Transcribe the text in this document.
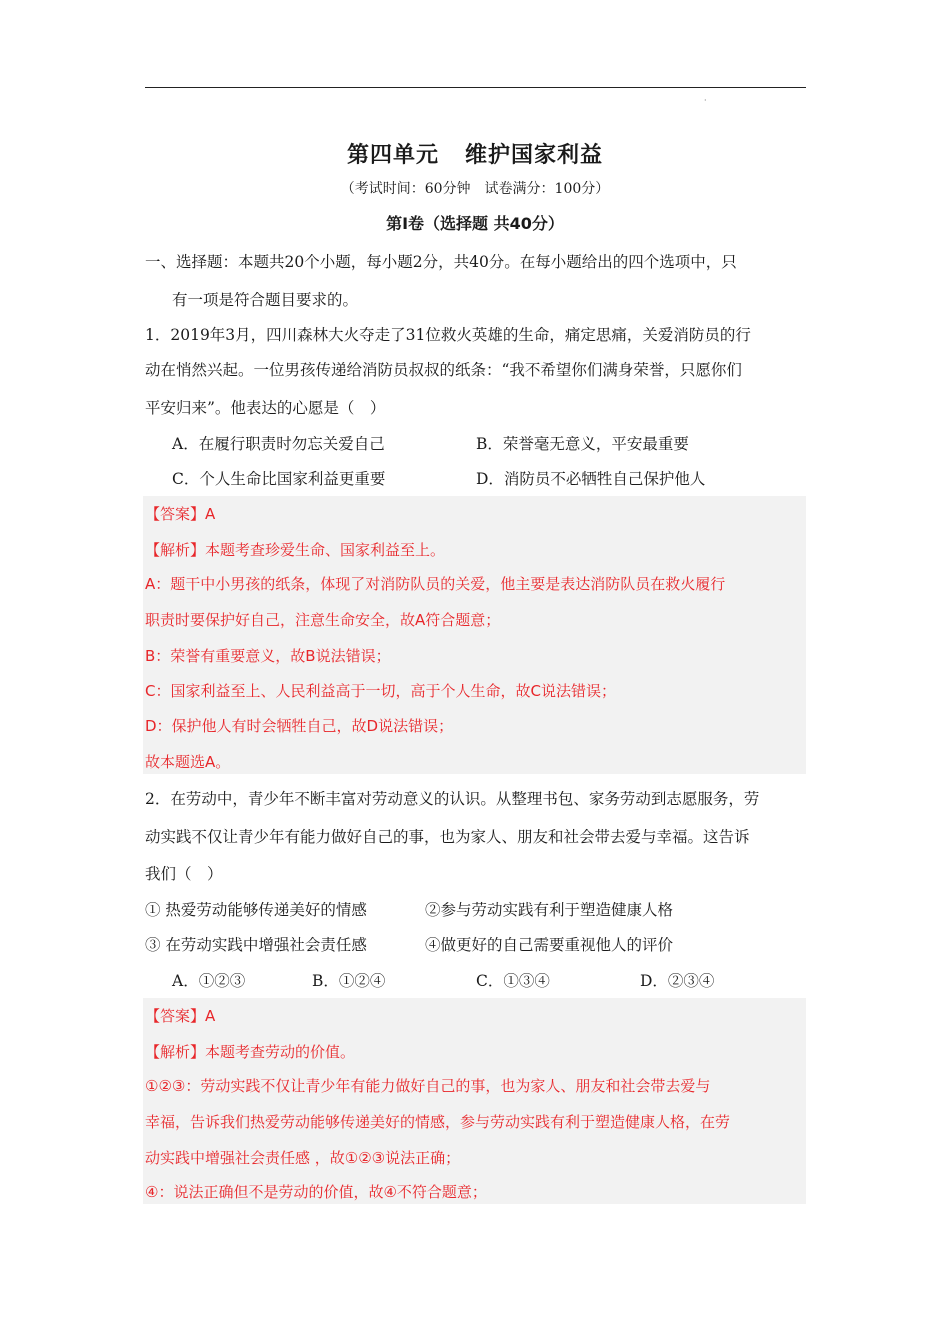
·
第四单元 维护国家利益
（考试时间：60分钟　试卷满分：100分）
第Ⅰ卷（选择题 共40分）
一、选择题：本题共20个小题，每小题2分，共40分。在每小题给出的四个选项中，只
有一项是符合题目要求的。
1．2019年3月，四川森林大火夺走了31位救火英雄的生命，痛定思痛，关爱消防员的行
动在悄然兴起。一位男孩传递给消防员叔叔的纸条：“我不希望你们满身荣誉，只愿你们
平安归来”。他表达的心愿是（　）
A．在履行职责时勿忘关爱自己	B．荣誉毫无意义，平安最重要
C．个人生命比国家利益更重要	D．消防员不必牺牲自己保护他人
【答案】A
【解析】本题考查珍爱生命、国家利益至上。
A：题干中小男孩的纸条，体现了对消防队员的关爱，他主要是表达消防队员在救火履行
职责时要保护好自己，注意生命安全，故A符合题意；
B：荣誉有重要意义，故B说法错误；
C：国家利益至上、人民利益高于一切，高于个人生命，故C说法错误；
D：保护他人有时会牺牲自己，故D说法错误；
故本题选A。
2．在劳动中，青少年不断丰富对劳动意义的认识。从整理书包、家务劳动到志愿服务，劳
动实践不仅让青少年有能力做好自己的事，也为家人、朋友和社会带去爱与幸福。这告诉
我们（　）
① 热爱劳动能够传递美好的情感	②参与劳动实践有利于塑造健康人格
③ 在劳动实践中增强社会责任感	④做更好的自己需要重视他人的评价
A．①②③	B．①②④	C．①③④	D．②③④
【答案】A
【解析】本题考查劳动的价值。
①②③：劳动实践不仅让青少年有能力做好自己的事，也为家人、朋友和社会带去爱与
幸福，告诉我们热爱劳动能够传递美好的情感，参与劳动实践有利于塑造健康人格，在劳
动实践中增强社会责任感 ，故①②③说法正确；
④：说法正确但不是劳动的价值，故④不符合题意；
